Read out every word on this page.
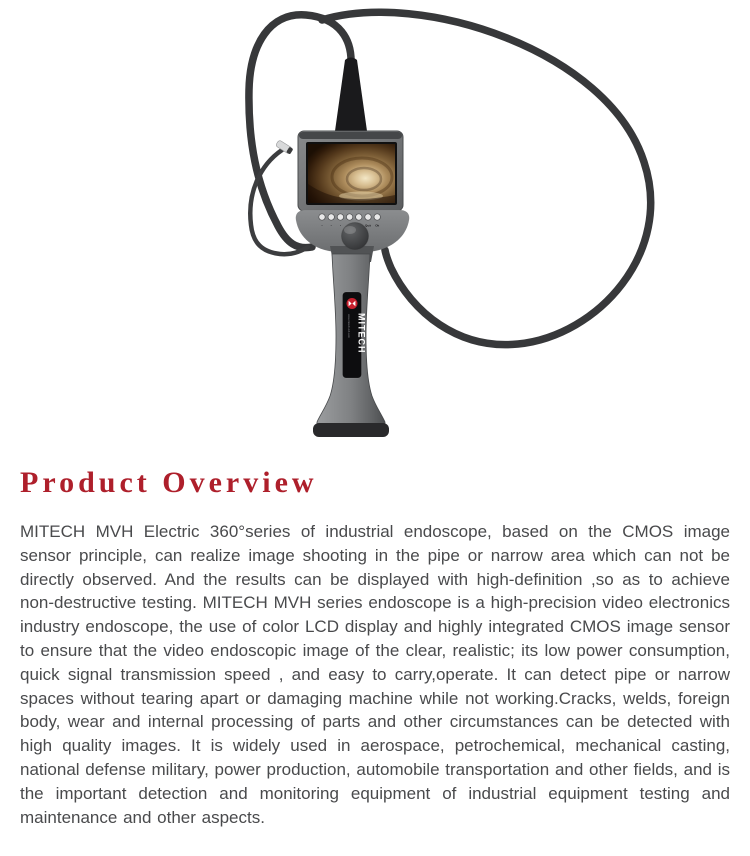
•	•	•	Quit Ok
MITECH
www.mitech-ndt.com
Product Overview

MITECH MVH Electric 360°series of industrial endoscope, based on the CMOS image sensor principle, can realize image shooting in the pipe or narrow area which can not be directly observed. And the results can be displayed with high-definition ,so as to achieve non-destructive testing. MITECH MVH series endoscope is a high-precision video electronics industry endoscope, the use of color LCD display and highly integrated CMOS image sensor to ensure that the video endoscopic image of the clear, realistic; its low power consumption, quick signal transmission speed , and easy to carry,operate. It can detect pipe or narrow spaces without tearing apart or damaging machine while not working.Cracks, welds, foreign body, wear and internal processing of parts and other circumstances can be detected with high quality images. It is widely used in aerospace, petrochemical, mechanical casting, national defense military, power production, automobile transportation and other fields, and is the important detection and monitoring equipment of industrial equipment testing and maintenance and other aspects.
